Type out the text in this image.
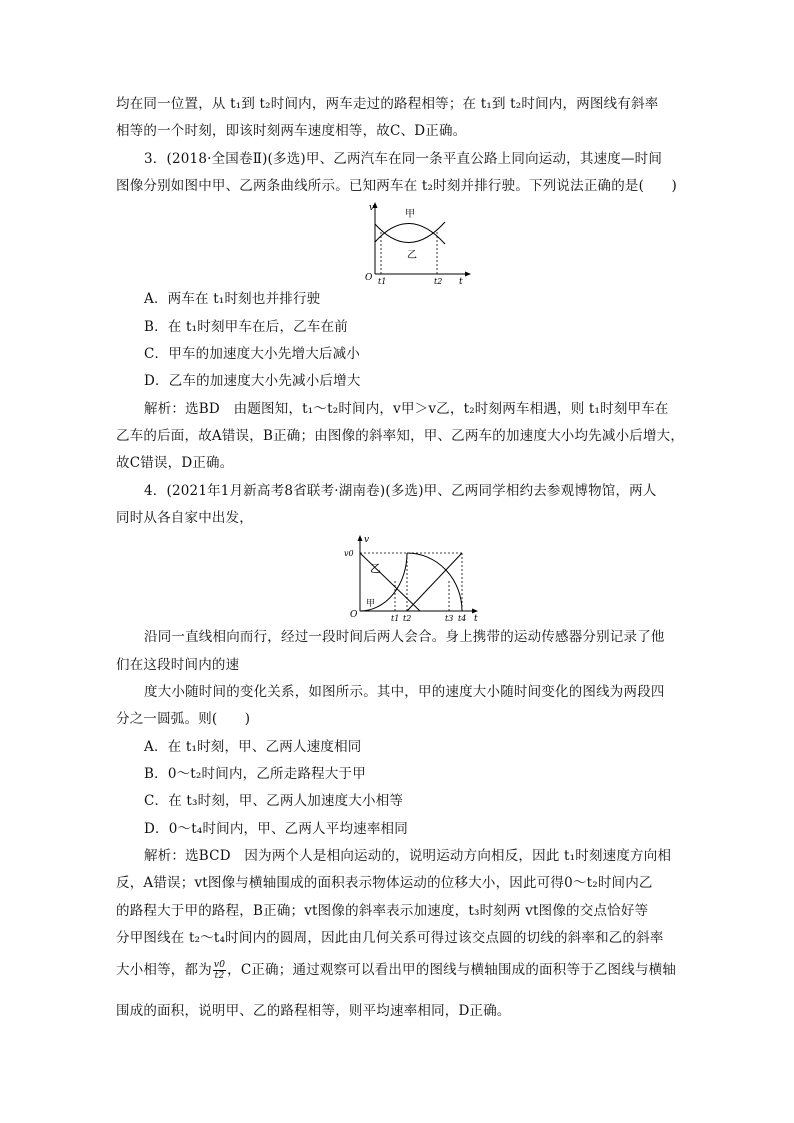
均在同一位置，从 t₁到 t₂时间内，两车走过的路程相等；在 t₁到 t₂时间内，两图线有斜率
相等的一个时刻，即该时刻两车速度相等，故C、D正确。
3．(2018·全国卷Ⅱ)(多选)甲、乙两汽车在同一条平直公路上同向运动，其速度—时间
图像分别如图中甲、乙两条曲线所示。已知两车在 t₂时刻并排行驶。下列说法正确的是(　　)
v
甲
乙
O t1	t2 t
A．两车在 t₁时刻也并排行驶
B．在 t₁时刻甲车在后，乙车在前
C．甲车的加速度大小先增大后减小
D．乙车的加速度大小先减小后增大
解析：选BD　由题图知，t₁～t₂时间内，v甲＞v乙，t₂时刻两车相遇，则 t₁时刻甲车在
乙车的后面，故A错误，B正确；由图像的斜率知，甲、乙两车的加速度大小均先减小后增大，
故C错误，D正确。
4．(2021年1月新高考8省联考·湖南卷)(多选)甲、乙两同学相约去参观博物馆，两人
同时从各自家中出发，
v
v0
乙
甲
O	t1 t2	t3 t4 t
沿同一直线相向而行，经过一段时间后两人会合。身上携带的运动传感器分别记录了他
们在这段时间内的速
度大小随时间的变化关系，如图所示。其中，甲的速度大小随时间变化的图线为两段四
分之一圆弧。则(　　)
A．在 t₁时刻，甲、乙两人速度相同
B．0～t₂时间内，乙所走路程大于甲
C．在 t₃时刻，甲、乙两人加速度大小相等
D．0～t₄时间内，甲、乙两人平均速率相同
解析：选BCD　因为两个人是相向运动的，说明运动方向相反，因此 t₁时刻速度方向相
反，A错误；vt图像与横轴围成的面积表示物体运动的位移大小，因此可得0～t₂时间内乙
的路程大于甲的路程，B正确；vt图像的斜率表示加速度，t₃时刻两 vt图像的交点恰好等
分甲图线在 t₂～t₄时间内的圆周，因此由几何关系可得过该交点圆的切线的斜率和乙的斜率
大小相等，都为 $\frac{v0}{t2}$ ，C正确；通过观察可以看出甲的图线与横轴围成的面积等于乙图线与横轴
围成的面积，说明甲、乙的路程相等，则平均速率相同，D正确。
